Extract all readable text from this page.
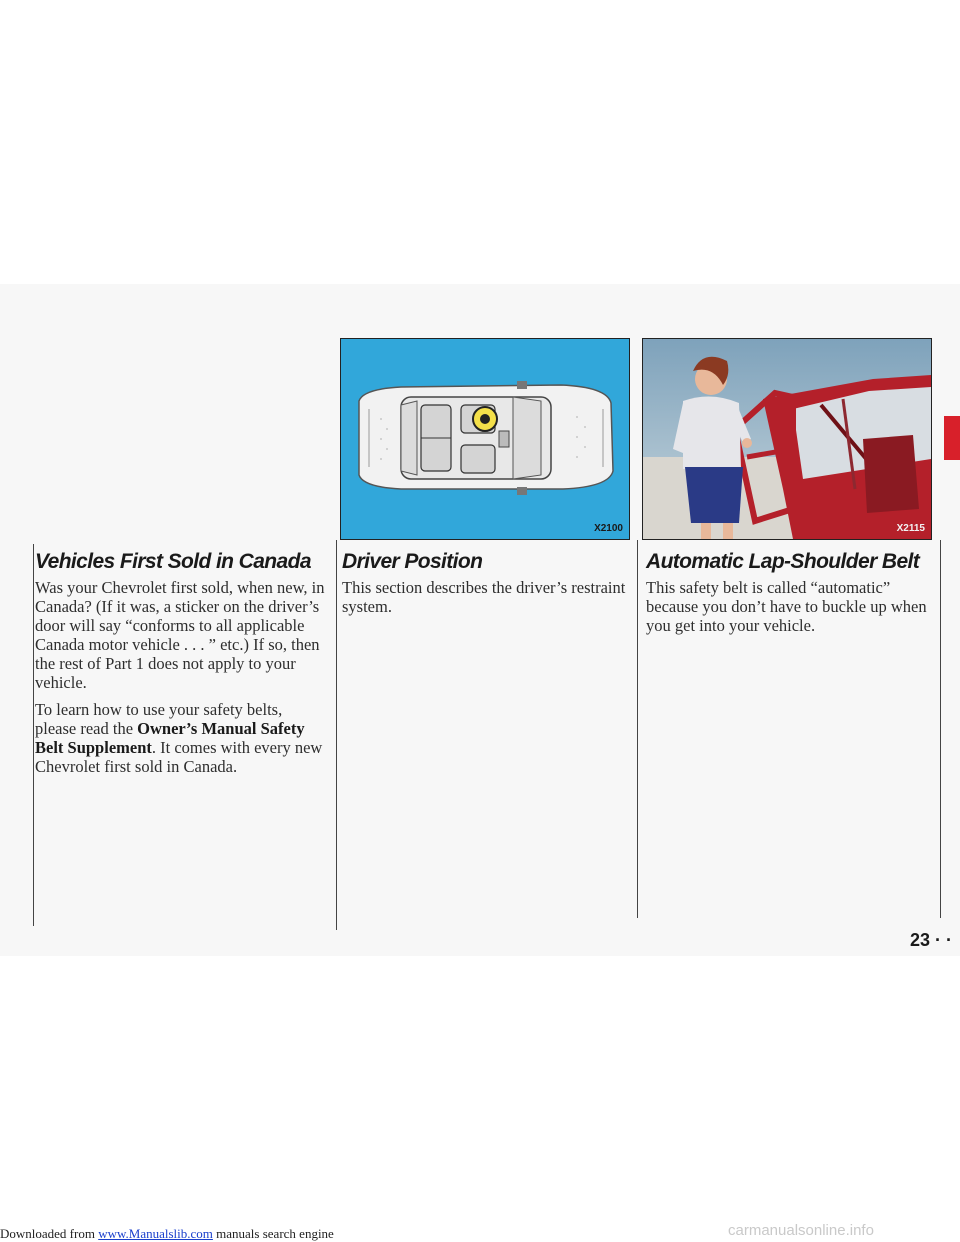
X2100	X2115
Vehicles First Sold in Canada

Was your Chevrolet first sold, when new, in Canada? (If it was, a sticker on the driver’s door will say “conforms to all applicable Canada motor vehicle . . . ” etc.) If so, then the rest of Part 1 does not apply to your vehicle.

To learn how to use your safety belts, please read the Owner’s Manual Safety Belt Supplement. It comes with every new Chevrolet first sold in Canada.

Driver Position

This section describes the driver’s restraint system.

Automatic Lap-Shoulder Belt

This safety belt is called “automatic” because you don’t have to buckle up when you get into your vehicle.

23 · ·
Downloaded from www.Manualslib.com manuals search engine	carmanualsonline.info
